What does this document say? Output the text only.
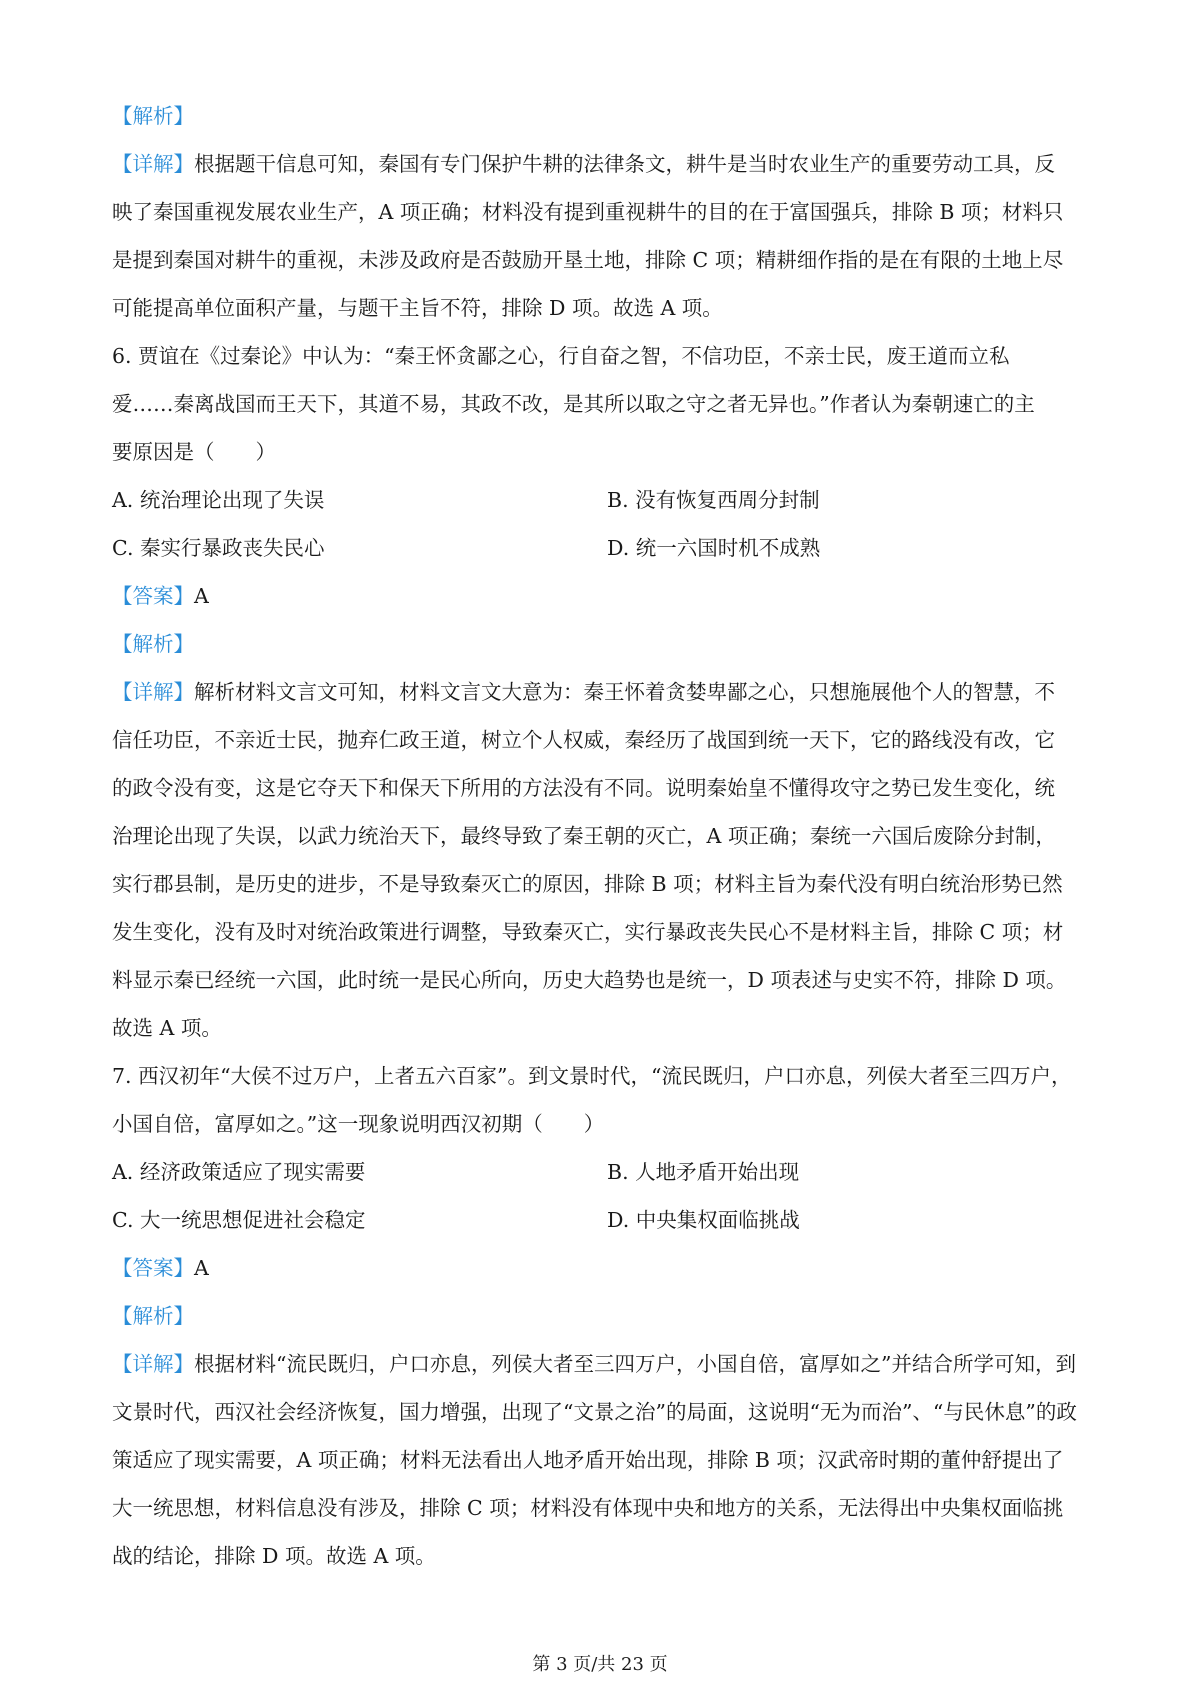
【解析】
【详解】根据题干信息可知，秦国有专门保护牛耕的法律条文，耕牛是当时农业生产的重要劳动工具，反
映了秦国重视发展农业生产，A 项正确；材料没有提到重视耕牛的目的在于富国强兵，排除 B 项；材料只
是提到秦国对耕牛的重视，未涉及政府是否鼓励开垦土地，排除 C 项；精耕细作指的是在有限的土地上尽
可能提高单位面积产量，与题干主旨不符，排除 D 项。故选 A 项。
6. 贾谊在《过秦论》中认为：“秦王怀贪鄙之心，行自奋之智，不信功臣，不亲士民，废王道而立私
爱……秦离战国而王天下，其道不易，其政不改，是其所以取之守之者无异也。”作者认为秦朝速亡的主
要原因是（　　）
A. 统治理论出现了失误	B. 没有恢复西周分封制
C. 秦实行暴政丧失民心	D. 统一六国时机不成熟
【答案】A
【解析】
【详解】解析材料文言文可知，材料文言文大意为：秦王怀着贪婪卑鄙之心，只想施展他个人的智慧，不
信任功臣，不亲近士民，抛弃仁政王道，树立个人权威，秦经历了战国到统一天下，它的路线没有改，它
的政令没有变，这是它夺天下和保天下所用的方法没有不同。说明秦始皇不懂得攻守之势已发生变化，统
治理论出现了失误，以武力统治天下，最终导致了秦王朝的灭亡，A 项正确；秦统一六国后废除分封制，
实行郡县制，是历史的进步，不是导致秦灭亡的原因，排除 B 项；材料主旨为秦代没有明白统治形势已然
发生变化，没有及时对统治政策进行调整，导致秦灭亡，实行暴政丧失民心不是材料主旨，排除 C 项；材
料显示秦已经统一六国，此时统一是民心所向，历史大趋势也是统一，D 项表述与史实不符，排除 D 项。
故选 A 项。
7. 西汉初年“大侯不过万户，上者五六百家”。到文景时代，“流民既归，户口亦息，列侯大者至三四万户，
小国自倍，富厚如之。”这一现象说明西汉初期（　　）
A. 经济政策适应了现实需要	B. 人地矛盾开始出现
C. 大一统思想促进社会稳定	D. 中央集权面临挑战
【答案】A
【解析】
【详解】根据材料“流民既归，户口亦息，列侯大者至三四万户，小国自倍，富厚如之”并结合所学可知，到
文景时代，西汉社会经济恢复，国力增强，出现了“文景之治”的局面，这说明“无为而治”、“与民休息”的政
策适应了现实需要，A 项正确；材料无法看出人地矛盾开始出现，排除 B 项；汉武帝时期的董仲舒提出了
大一统思想，材料信息没有涉及，排除 C 项；材料没有体现中央和地方的关系，无法得出中央集权面临挑
战的结论，排除 D 项。故选 A 项。
第 3 页/共 23 页
